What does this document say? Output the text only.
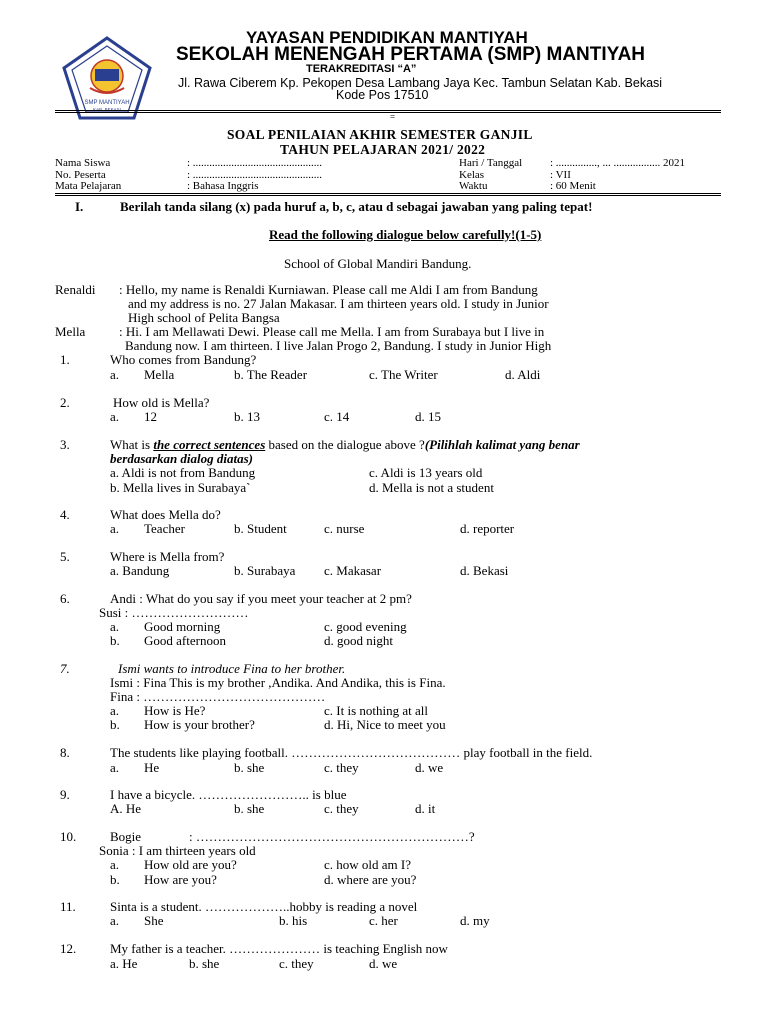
SMP MANTIYAH
KAB. BEKASI
YAYASAN PENDIDIKAN MANTIYAH
SEKOLAH MENENGAH PERTAMA (SMP) MANTIYAH
TERAKREDITASI “A”
Jl. Rawa Ciberem Kp. Pekopen Desa Lambang Jaya Kec. Tambun Selatan Kab. Bekasi
Kode Pos 17510
=
SOAL PENILAIAN AKHIR SEMESTER GANJIL
TAHUN PELAJARAN 2021/ 2022
Nama Siswa	: ...............................................
No. Peserta	: ...............................................
Mata Pelajaran	: Bahasa Inggris
Hari / Tanggal	: ..............., ... ................. 2021
Kelas	: VII
Waktu	: 60 Menit
I.	Berilah tanda silang (x) pada huruf a, b, c, atau d sebagai jawaban yang paling tepat!
Read the following dialogue below carefully!(1-5)
School of Global Mandiri Bandung.
Renaldi : Hello, my name is Renaldi Kurniawan. Please call me Aldi I am from Bandung
and my address is no. 27 Jalan Makasar. I am thirteen years old. I study in Junior
High school of Pelita Bangsa
Mella	: Hi. I am Mellawati Dewi. Please call me Mella. I am from Surabaya but I live in
Bandung now. I am thirteen. I live Jalan Progo 2, Bandung. I study in Junior High
1.	Who comes from Bandung?
a. Mella	b. The Reader	c. The Writer	d. Aldi
2.	How old is Mella?
a. 12	b. 13	c. 14	d. 15
3.	What is the correct sentences based on the dialogue above ?(Pilihlah kalimat yang benar
berdasarkan dialog diatas)
a. Aldi is not from Bandung	c. Aldi is 13 years old
b. Mella lives in Surabaya`	d. Mella is not a student
4.	What does Mella do?
a. Teacher	b. Student	c. nurse	d. reporter
5.	Where is Mella from?
a. Bandung	b. Surabaya c. Makasar	d. Bekasi
6.	Andi : What do you say if you meet your teacher at 2 pm?
Susi : ………………………
a. Good morning	c. good evening
b. Good afternoon	d. good night
7.	Ismi wants to introduce Fina to her brother.
Ismi : Fina This is my brother ,Andika. And Andika, this is Fina.
Fina : ……………………………………
a. How is He?	c. It is nothing at all
b. How is your brother?	d. Hi, Nice to meet you
8.	The students like playing football. ………………………………… play football in the field.
a. He	b. she	c. they	d. we
9.	I have a bicycle. …………………….. is blue
A. He	b. she	c. they	d. it
10.	Bogie	: ………………………………………………………?
Sonia : I am thirteen years old
a. How old are you?	c. how old am I?
b. How are you?	d. where are you?
11.	Sinta is a student. ………………..hobby is reading a novel
a. She	b. his	c. her	d. my
12.	My father is a teacher. ………………… is teaching English now
a. He	b. she	c. they	d. we
